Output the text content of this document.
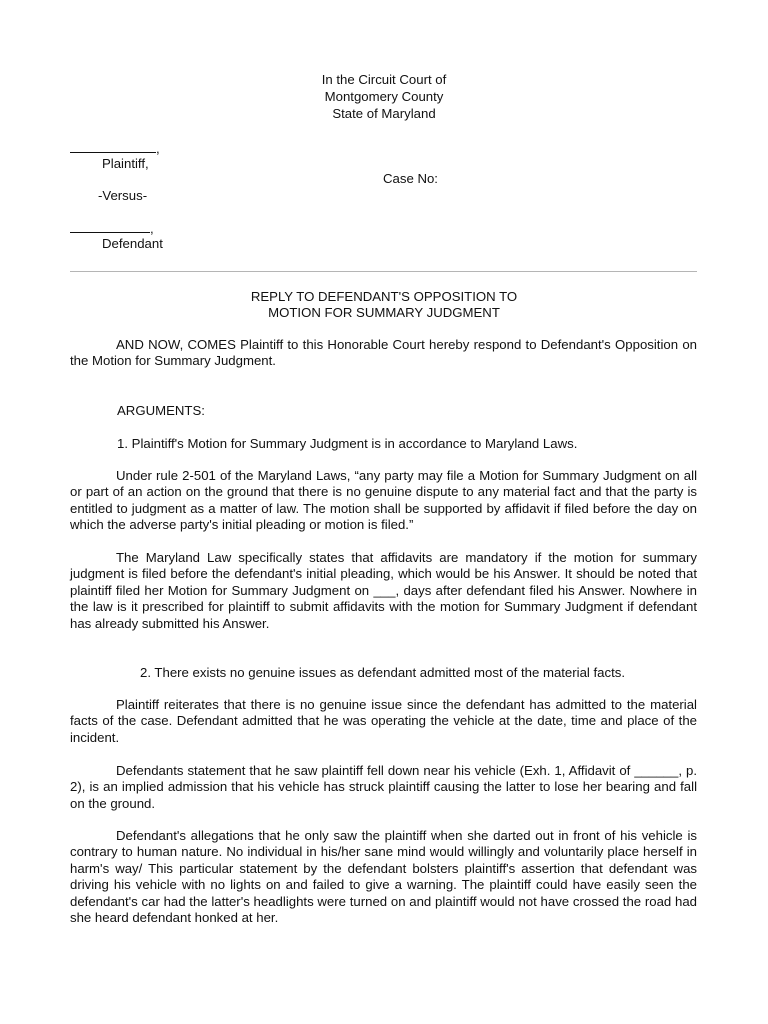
In the Circuit Court of
Montgomery County
State of Maryland
,
Plaintiff,
-Versus-
,
Defendant
Case No:
REPLY TO DEFENDANT'S OPPOSITION TO
MOTION FOR SUMMARY JUDGMENT
AND NOW, COMES Plaintiff to this Honorable Court hereby respond to Defendant's Opposition on the Motion for Summary Judgment.
ARGUMENTS:
1. Plaintiff's Motion for Summary Judgment is in accordance to Maryland Laws.
Under rule 2-501 of the Maryland Laws, “any party may file a Motion for Summary Judgment on all or part of an action on the ground that there is no genuine dispute to any material fact and that the party is entitled to judgment as a matter of law. The motion shall be supported by affidavit if filed before the day on which the adverse party's initial pleading or motion is filed.”
The Maryland Law specifically states that affidavits are mandatory if the motion for summary judgment is filed before the defendant's initial pleading, which would be his Answer. It should be noted that plaintiff filed her Motion for Summary Judgment on ___, days after defendant filed his Answer. Nowhere in the law is it prescribed for plaintiff to submit affidavits with the motion for Summary Judgment if defendant has already submitted his Answer.
2. There exists no genuine issues as defendant admitted most of the material facts.
Plaintiff reiterates that there is no genuine issue since the defendant has admitted to the material facts of the case. Defendant admitted that he was operating the vehicle at the date, time and place of the incident.
Defendants statement that he saw plaintiff fell down near his vehicle (Exh. 1, Affidavit of ______, p. 2), is an implied admission that his vehicle has struck plaintiff causing the latter to lose her bearing and fall on the ground.
Defendant's allegations that he only saw the plaintiff when she darted out in front of his vehicle is contrary to human nature. No individual in his/her sane mind would willingly and voluntarily place herself in harm's way/ This particular statement by the defendant bolsters plaintiff's assertion that defendant was driving his vehicle with no lights on and failed to give a warning. The plaintiff could have easily seen the defendant's car had the latter's headlights were turned on and plaintiff would not have crossed the road had she heard defendant honked at her.
